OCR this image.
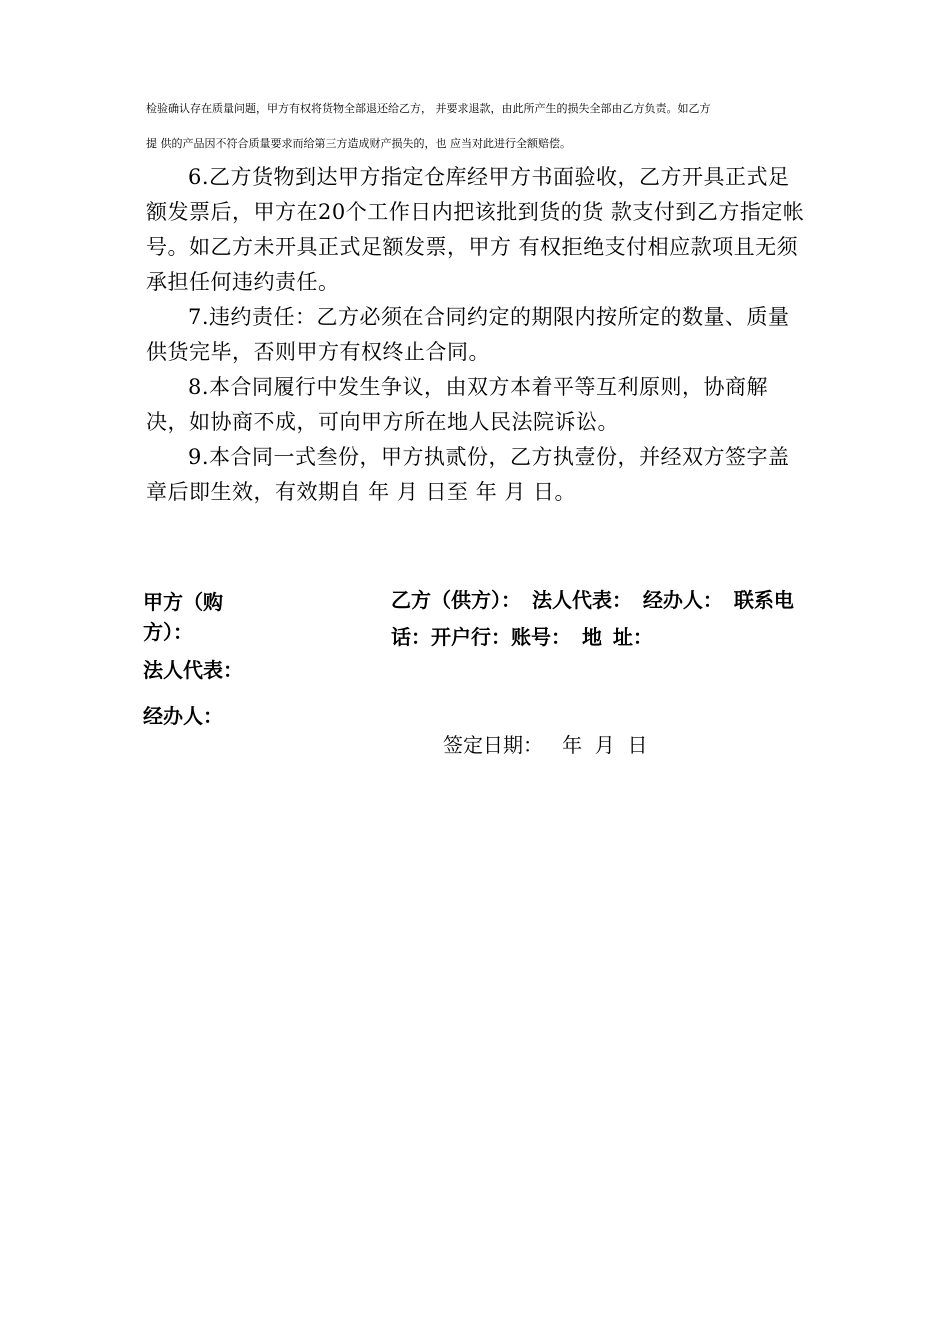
检验确认存在质量问题，甲方有权将货物全部退还给乙方， 并要求退款，由此所产生的损失全部由乙方负责。如乙方
提 供的产品因不符合质量要求而给第三方造成财产损失的，也 应当对此进行全额赔偿。

6.乙方货物到达甲方指定仓库经甲方书面验收，乙方开具正式足额发票后，甲方在20个工作日内把该批到货的货 款支付到乙方指定帐号。如乙方未开具正式足额发票，甲方 有权拒绝支付相应款项且无须承担任何违约责任。

7.违约责任：乙方必须在合同约定的期限内按所定的数量、质量供货完毕，否则甲方有权终止合同。

8.本合同履行中发生争议，由双方本着平等互利原则，协商解决，如协商不成，可向甲方所在地人民法院诉讼。

9.本合同一式叁份，甲方执贰份，乙方执壹份，并经双方签字盖章后即生效，有效期自 年 月 日至 年 月 日。

甲方（购方）：
法人代表：
经办人：
乙方（供方）： 法人代表： 经办人： 联系电话：开户行：账号： 地 址：
签定日期：   年  月  日
